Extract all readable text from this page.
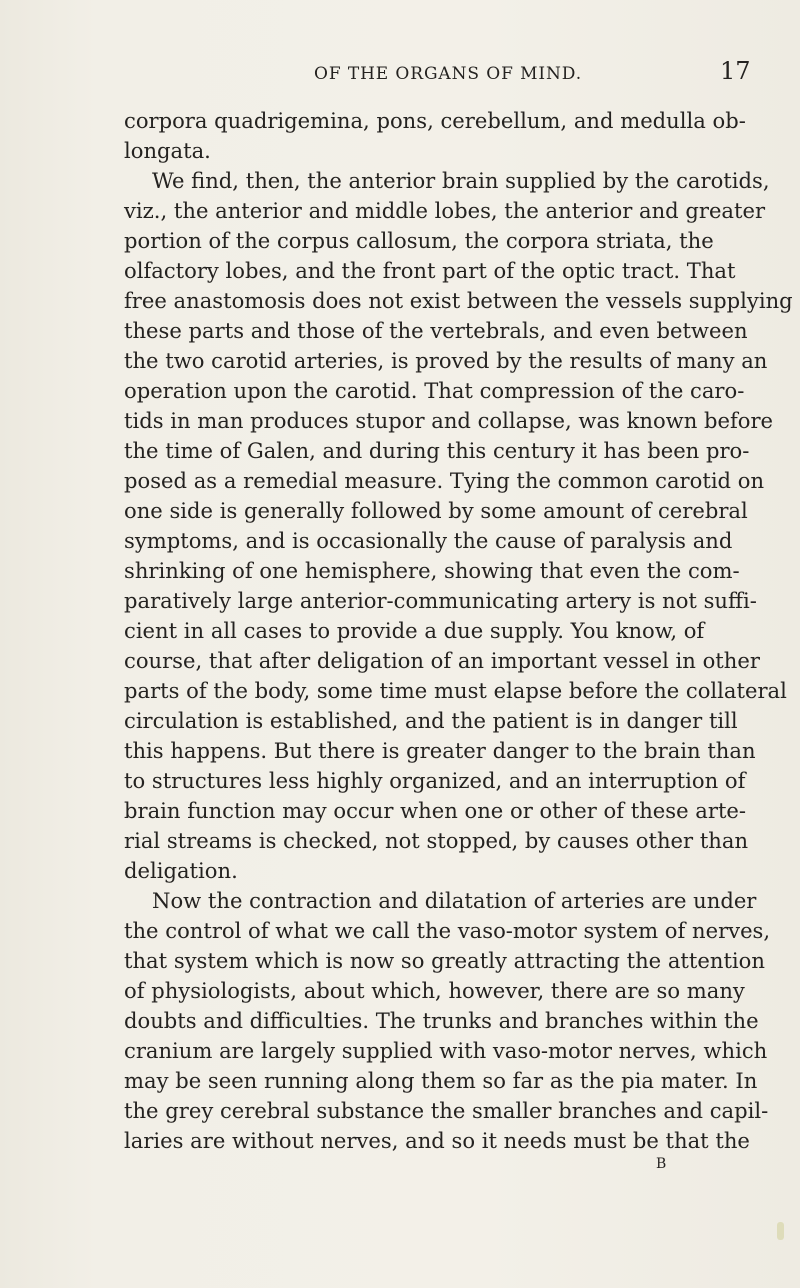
OF THE ORGANS OF MIND.	17
corpora quadrigemina, pons, cerebellum, and medulla ob-
longata.
We find, then, the anterior brain supplied by the carotids,
viz., the anterior and middle lobes, the anterior and greater
portion of the corpus callosum, the corpora striata, the
olfactory lobes, and the front part of the optic tract. That
free anastomosis does not exist between the vessels supplying
these parts and those of the vertebrals, and even between
the two carotid arteries, is proved by the results of many an
operation upon the carotid. That compression of the caro-
tids in man produces stupor and collapse, was known before
the time of Galen, and during this century it has been pro-
posed as a remedial measure. Tying the common carotid on
one side is generally followed by some amount of cerebral
symptoms, and is occasionally the cause of paralysis and
shrinking of one hemisphere, showing that even the com-
paratively large anterior-communicating artery is not suffi-
cient in all cases to provide a due supply. You know, of
course, that after deligation of an important vessel in other
parts of the body, some time must elapse before the collateral
circulation is established, and the patient is in danger till
this happens. But there is greater danger to the brain than
to structures less highly organized, and an interruption of
brain function may occur when one or other of these arte-
rial streams is checked, not stopped, by causes other than
deligation.
Now the contraction and dilatation of arteries are under
the control of what we call the vaso-motor system of nerves,
that system which is now so greatly attracting the attention
of physiologists, about which, however, there are so many
doubts and difficulties. The trunks and branches within the
cranium are largely supplied with vaso-motor nerves, which
may be seen running along them so far as the pia mater. In
the grey cerebral substance the smaller branches and capil-
laries are without nerves, and so it needs must be that the
B
